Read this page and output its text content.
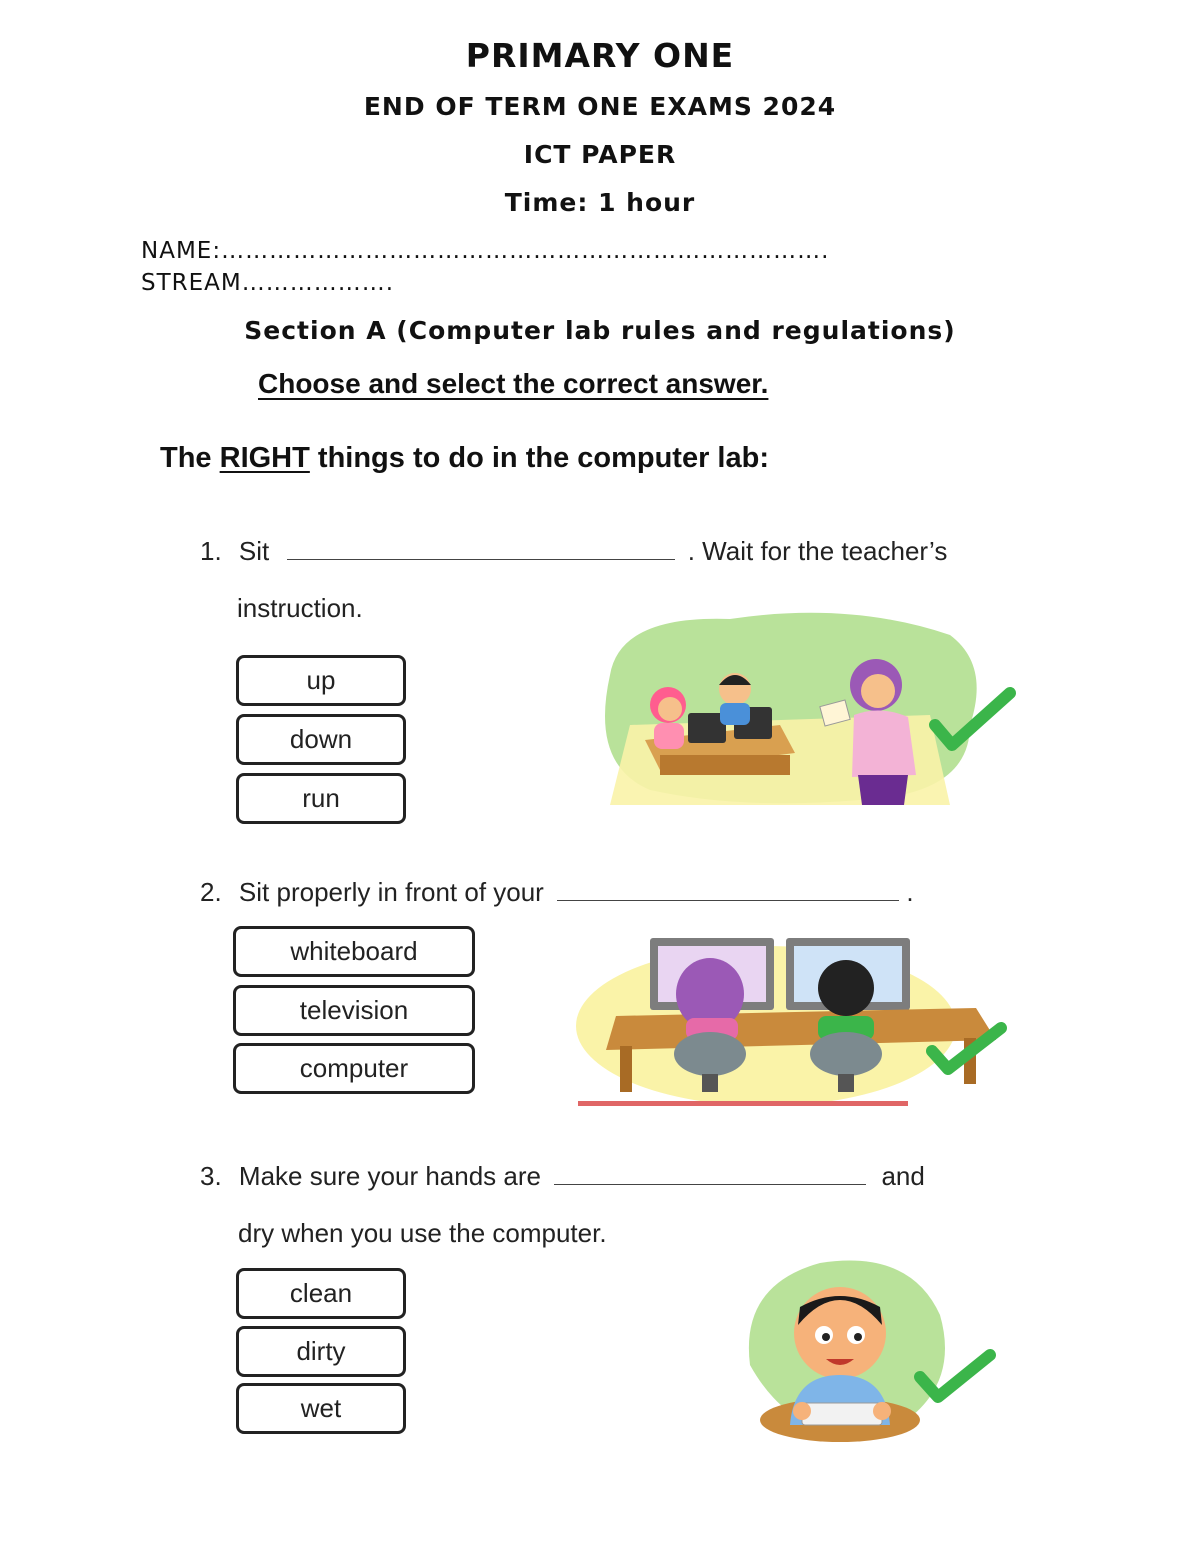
PRIMARY ONE
END OF TERM ONE EXAMS 2024
ICT PAPER
Time: 1 hour
NAME:………………………………………………………………….
STREAM……………….
Section A (Computer lab rules and regulations)
Choose and select the correct answer.
The RIGHT things to do in the computer lab:
1. Sit	. Wait for the teacher’s
instruction.
up
down
run
2. Sit properly in front of your	.
whiteboard
television
computer
3. Make sure your hands are	and
dry when you use the computer.
clean
dirty
wet
